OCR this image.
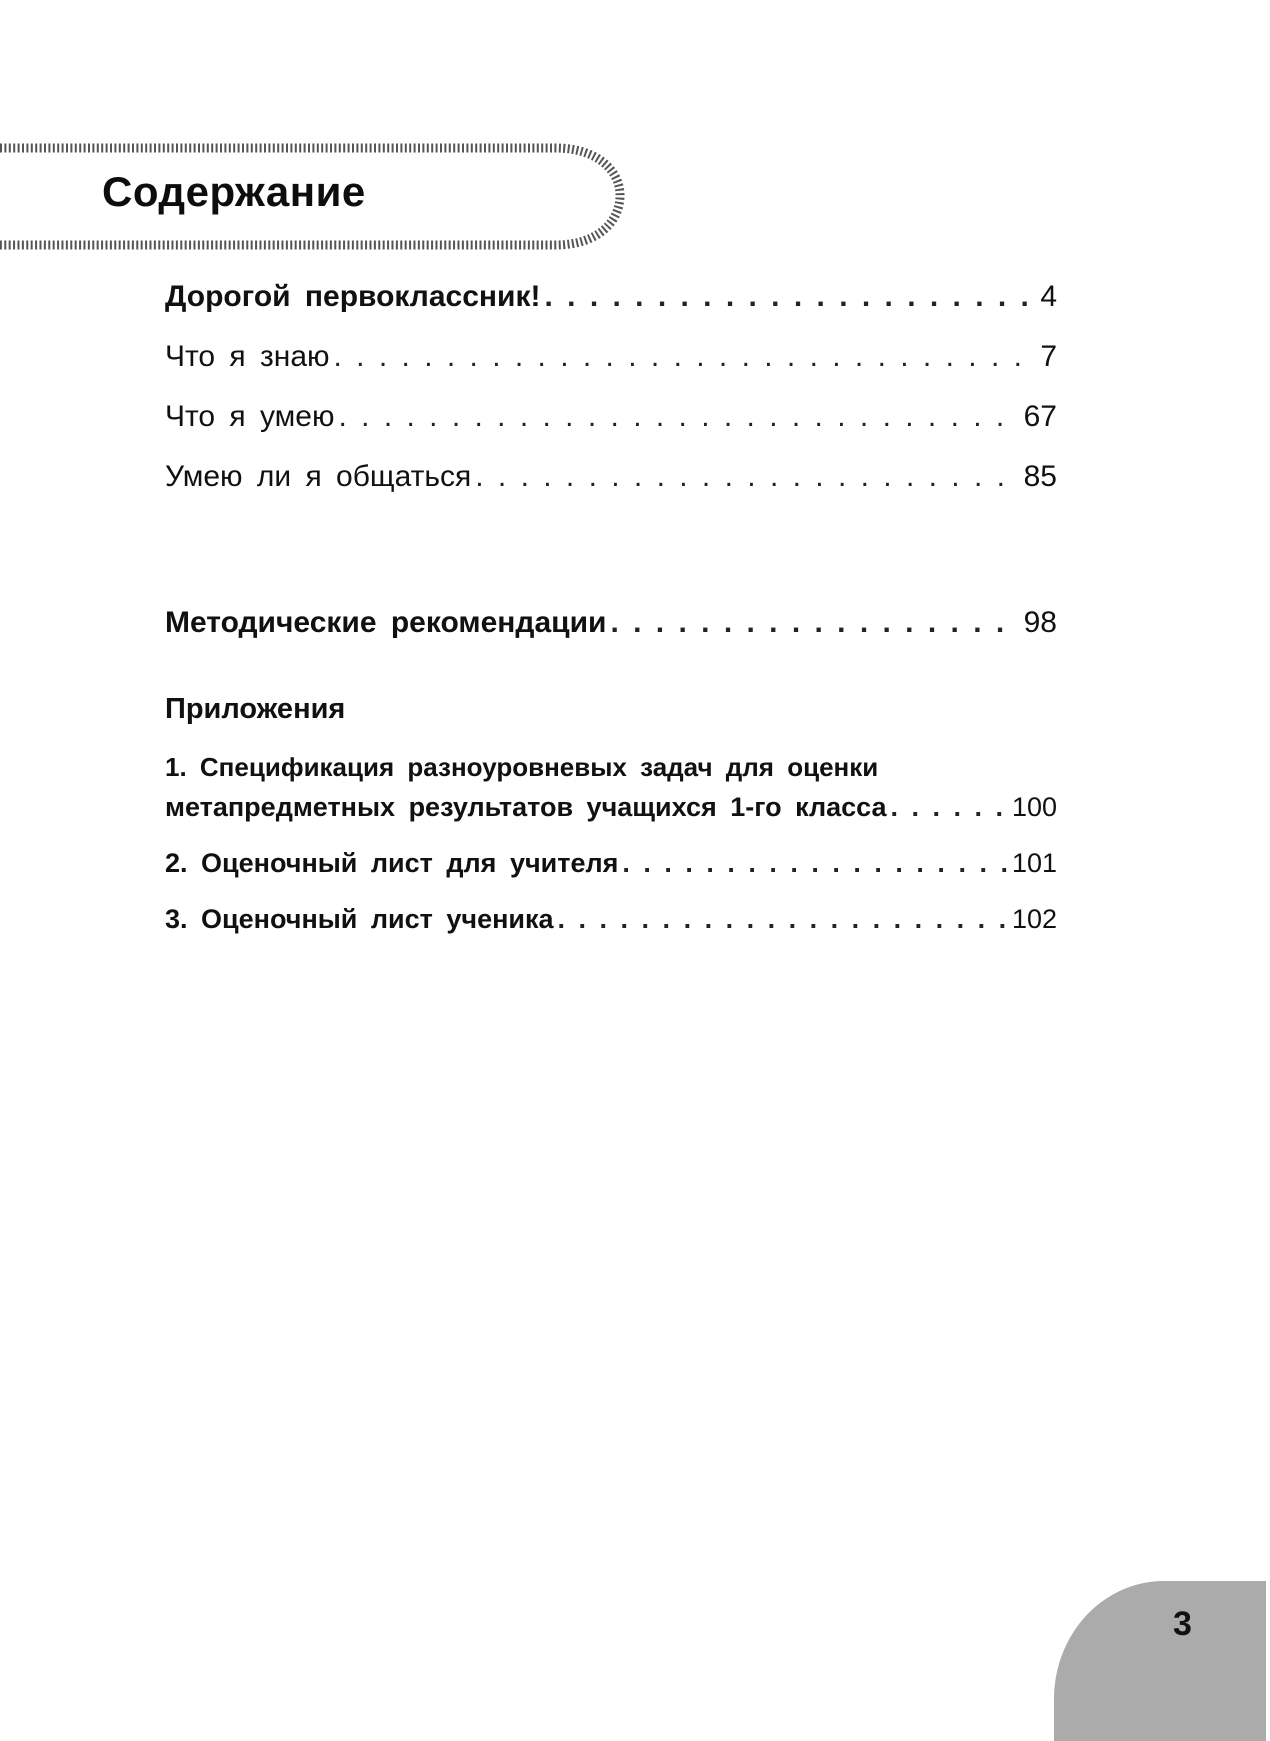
Содержание
Дорогой первоклассник! . . .	4
Что я знаю . . .	7
Что я умею . . .	67
Умею ли я общаться . . .	85
Методические рекомендации . . .	98
Приложения
1. Спецификация разноуровневых задач для оценки
метапредметных результатов учащихся 1-го класса . . .	100
2. Оценочный лист для учителя . . .	101
3. Оценочный лист ученика . . .	102
3
